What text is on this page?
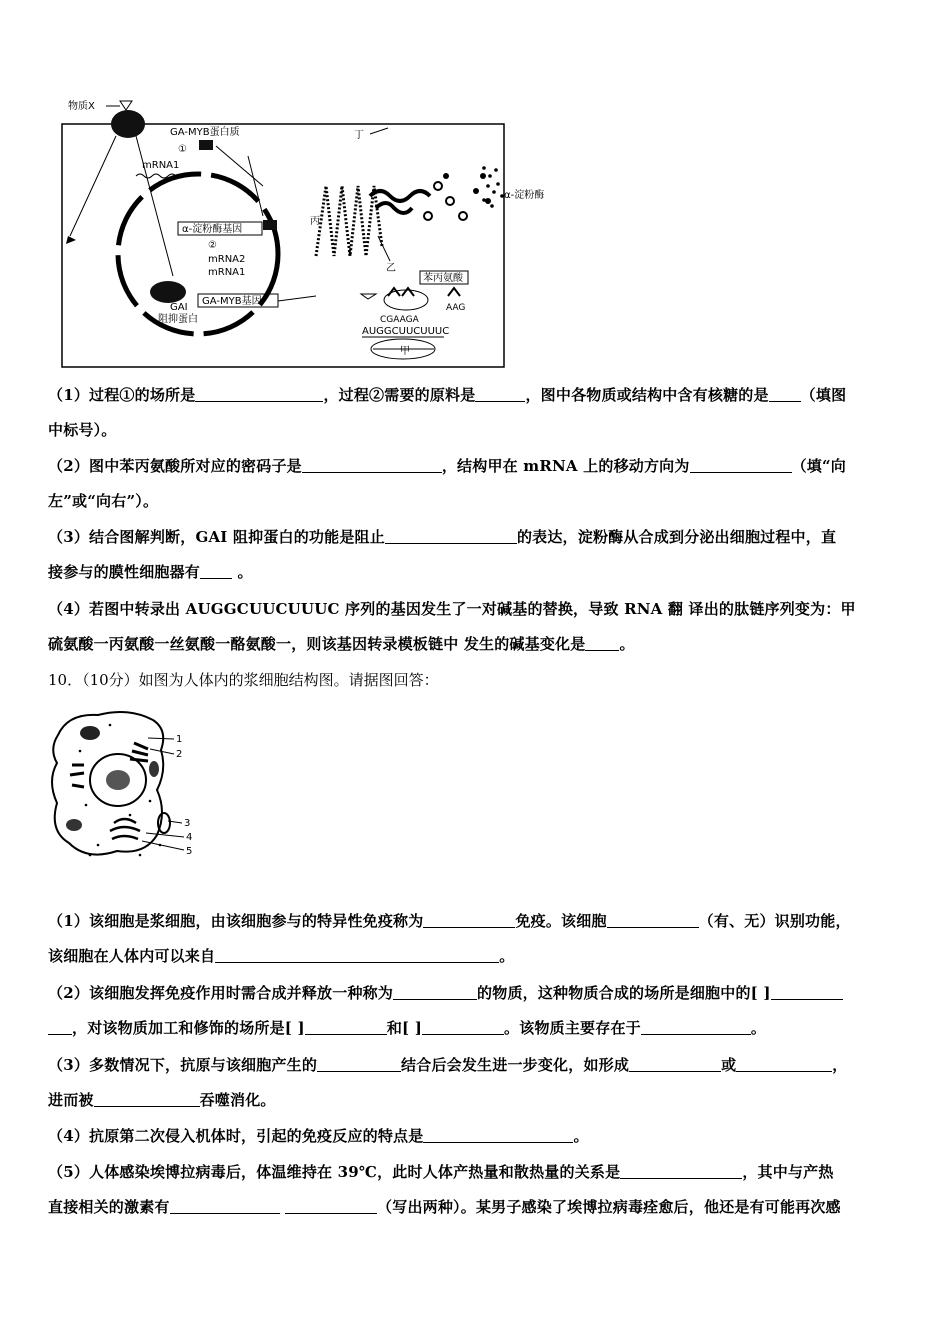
物质X
GA-MYB蛋白质
①
mRNA1
α-淀粉酶基因
②
mRNA2
mRNA1
GAI
阻抑蛋白
GA-MYB基因
丙
乙
α-淀粉酶
丁
苯丙氨酸
AAG
CGAAGA
AUGGCUUCUUUC
甲

（1）过程①的场所是	，过程②需要的原料是	，图中各物质或结构中含有核糖的是 （填图
中标号）。

（2）图中苯丙氨酸所对应的密码子是	，结构甲在 mRNA 上的移动方向为	（填“向
左”或“向右”）。

（3）结合图解判断，GAI 阻抑蛋白的功能是阻止	的表达，淀粉酶从合成到分泌出细胞过程中，直
接参与的膜性细胞器有 。

（4）若图中转录出 AUGGCUUCUUUC 序列的基因发生了一对碱基的替换，导致 RNA 翻 译出的肽链序列变为：甲
硫氨酸一丙氨酸一丝氨酸一酪氨酸一，则该基因转录模板链中 发生的碱基变化是 。

10．（10分）如图为人体内的浆细胞结构图。请据图回答：
1
2
3
4
5

（1）该细胞是浆细胞，由该细胞参与的特异性免疫称为	免疫。该细胞	（有、无）识别功能，
该细胞在人体内可以来自	。

（2）该细胞发挥免疫作用时需合成并释放一种称为	的物质，这种物质合成的场所是细胞中的[ ]
，对该物质加工和修饰的场所是[ ]	和[ ]	。该物质主要存在于	。

（3）多数情况下，抗原与该细胞产生的	结合后会发生进一步变化，如形成	或	，
进而被	吞噬消化。

（4）抗原第二次侵入机体时，引起的免疫反应的特点是	。

（5）人体感染埃博拉病毒后，体温维持在 39℃，此时人体产热量和散热量的关系是	，其中与产热
直接相关的激素有	（写出两种）。某男子感染了埃博拉病毒痊愈后，他还是有可能再次感
